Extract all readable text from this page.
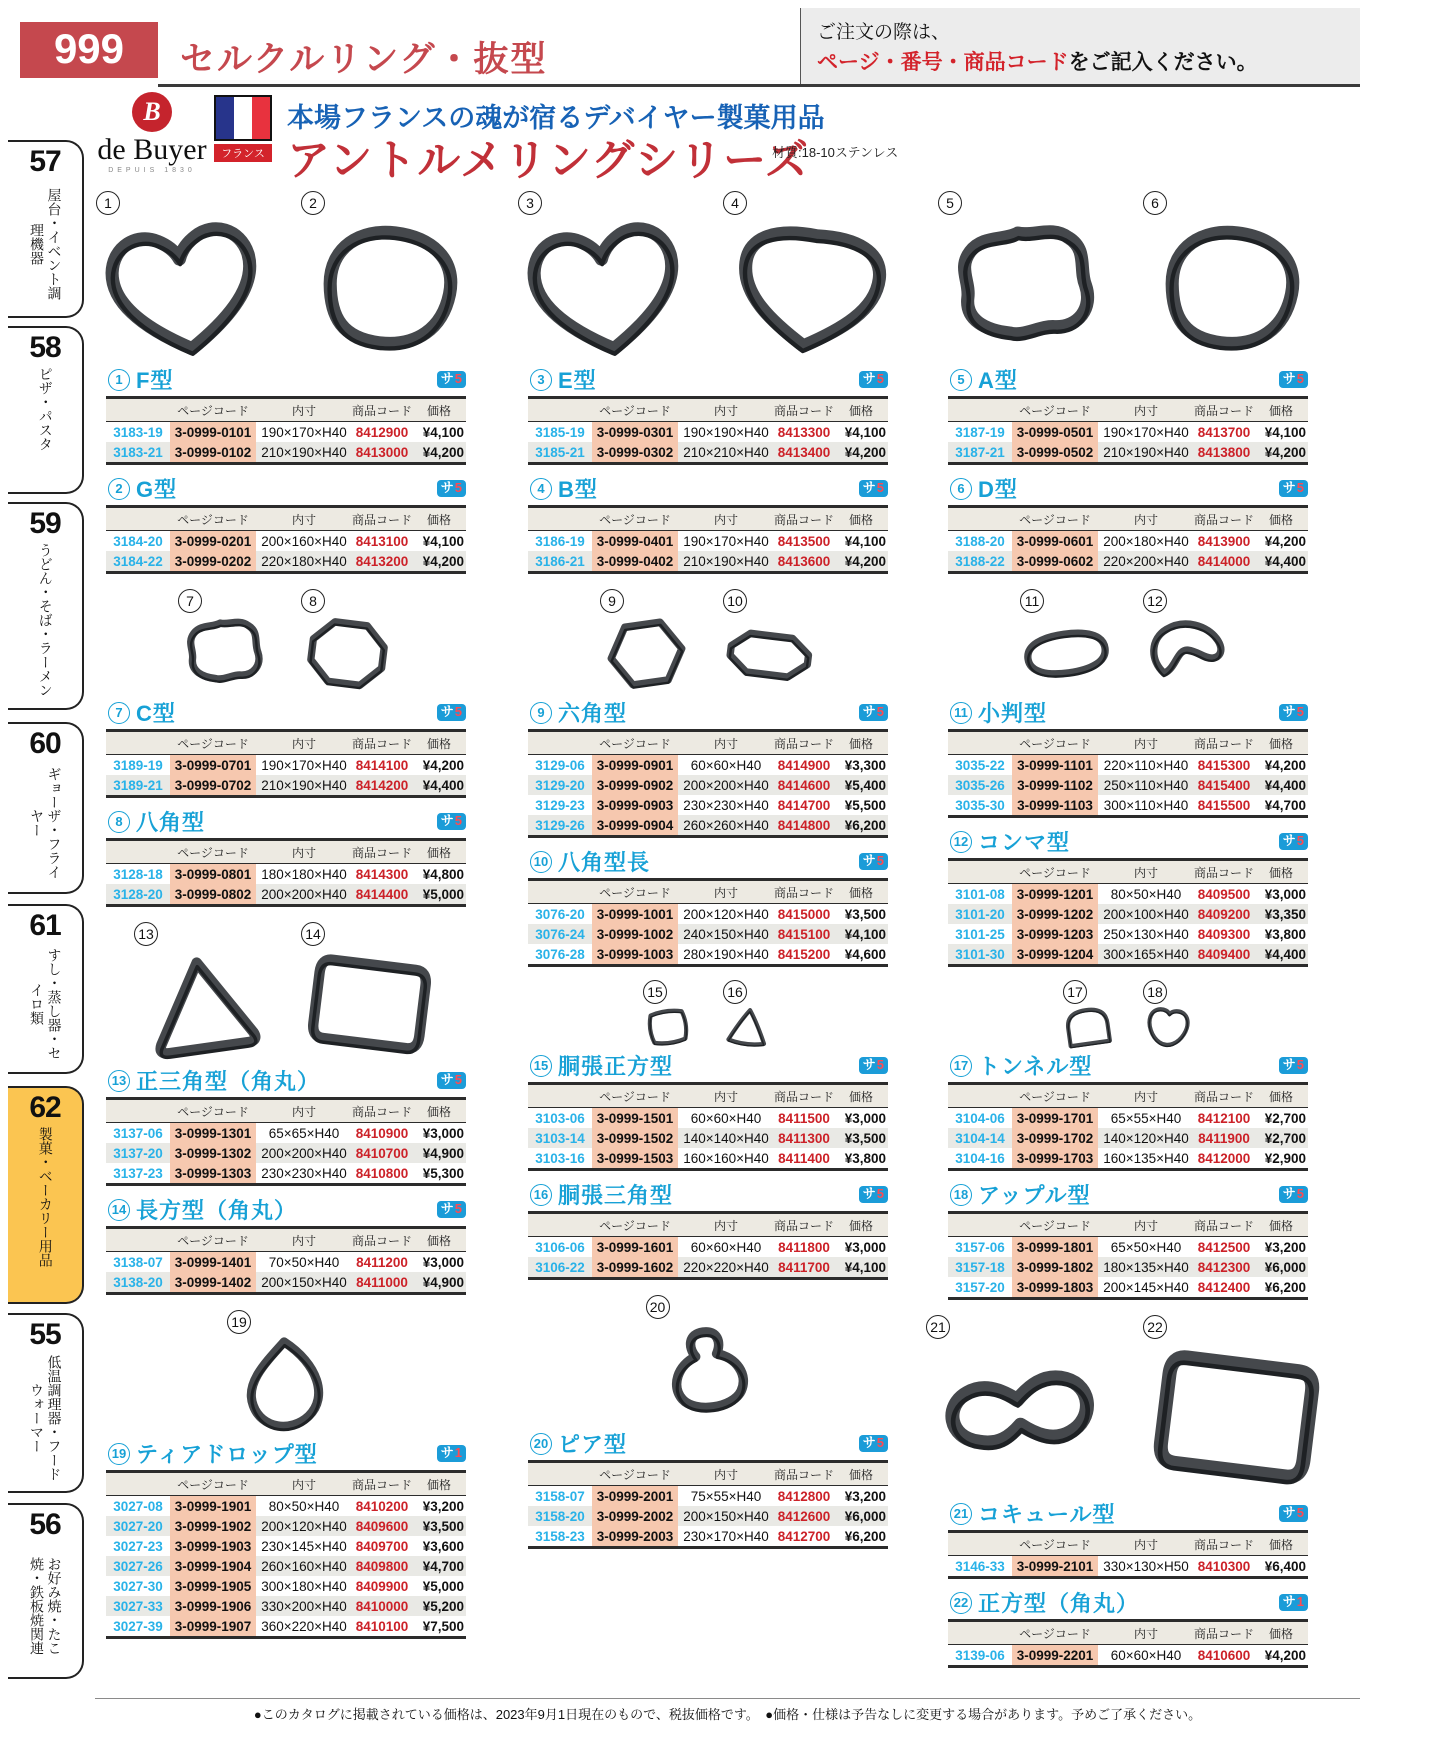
999	セルクルリング・抜型
ご注文の際は、
ページ・番号・商品コードをご記入ください。
B
de Buyer
DEPUIS 1830
フランス
本場フランスの魂が宿るデバイヤー製菓用品
アントルメリングシリーズ
材質:18-10ステンレス
57
屋台・イベント調理機器
58
ピザ・パスタ
59
うどん・そば・ラーメン
60
ギョーザ・フライヤー
61
すし・蒸し器・セイロ類
62
製菓・ベーカリー用品
55
低温調理器・フードウォーマー
56
お好み焼・たこ焼・鉄板焼関連
1	2
1 F型	サ5
	ページコード	内寸	商品コード	価格
3183-19	3-0999-0101	190×170×H40	8412900	¥4,100
3183-21	3-0999-0102	210×190×H40	8413000	¥4,200
2 G型	サ5
	ページコード	内寸	商品コード	価格
3184-20	3-0999-0201	200×160×H40	8413100	¥4,100
3184-22	3-0999-0202	220×180×H40	8413200	¥4,200
7	8
7 C型	サ5
	ページコード	内寸	商品コード	価格
3189-19	3-0999-0701	190×170×H40	8414100	¥4,200
3189-21	3-0999-0702	210×190×H40	8414200	¥4,400
8 八角型	サ5
	ページコード	内寸	商品コード	価格
3128-18	3-0999-0801	180×180×H40	8414300	¥4,800
3128-20	3-0999-0802	200×200×H40	8414400	¥5,000
13	14
13 正三角型（角丸）	サ5
	ページコード	内寸	商品コード	価格
3137-06	3-0999-1301	65×65×H40	8410900	¥3,000
3137-20	3-0999-1302	200×200×H40	8410700	¥4,900
3137-23	3-0999-1303	230×230×H40	8410800	¥5,300
14 長方型（角丸）	サ5
	ページコード	内寸	商品コード	価格
3138-07	3-0999-1401	70×50×H40	8411200	¥3,000
3138-20	3-0999-1402	200×150×H40	8411000	¥4,900
19
19 ティアドロップ型	サ1
	ページコード	内寸	商品コード	価格
3027-08	3-0999-1901	80×50×H40	8410200	¥3,200
3027-20	3-0999-1902	200×120×H40	8409600	¥3,500
3027-23	3-0999-1903	230×145×H40	8409700	¥3,600
3027-26	3-0999-1904	260×160×H40	8409800	¥4,700
3027-30	3-0999-1905	300×180×H40	8409900	¥5,000
3027-33	3-0999-1906	330×200×H40	8410000	¥5,200
3027-39	3-0999-1907	360×220×H40	8410100	¥7,500
3	4
3 E型	サ5
	ページコード	内寸	商品コード	価格
3185-19	3-0999-0301	190×190×H40	8413300	¥4,100
3185-21	3-0999-0302	210×210×H40	8413400	¥4,200
4 B型	サ5
	ページコード	内寸	商品コード	価格
3186-19	3-0999-0401	190×170×H40	8413500	¥4,100
3186-21	3-0999-0402	210×190×H40	8413600	¥4,200
9	10
9 六角型	サ5
	ページコード	内寸	商品コード	価格
3129-06	3-0999-0901	60×60×H40	8414900	¥3,300
3129-20	3-0999-0902	200×200×H40	8414600	¥5,400
3129-23	3-0999-0903	230×230×H40	8414700	¥5,500
3129-26	3-0999-0904	260×260×H40	8414800	¥6,200
10 八角型長	サ5
	ページコード	内寸	商品コード	価格
3076-20	3-0999-1001	200×120×H40	8415000	¥3,500
3076-24	3-0999-1002	240×150×H40	8415100	¥4,100
3076-28	3-0999-1003	280×190×H40	8415200	¥4,600
15	16
15 胴張正方型	サ5
	ページコード	内寸	商品コード	価格
3103-06	3-0999-1501	60×60×H40	8411500	¥3,000
3103-14	3-0999-1502	140×140×H40	8411300	¥3,500
3103-16	3-0999-1503	160×160×H40	8411400	¥3,800
16 胴張三角型	サ5
	ページコード	内寸	商品コード	価格
3106-06	3-0999-1601	60×60×H40	8411800	¥3,000
3106-22	3-0999-1602	220×220×H40	8411700	¥4,100
20
20 ピア型	サ5
	ページコード	内寸	商品コード	価格
3158-07	3-0999-2001	75×55×H40	8412800	¥3,200
3158-20	3-0999-2002	200×150×H40	8412600	¥6,000
3158-23	3-0999-2003	230×170×H40	8412700	¥6,200
5	6
5 A型	サ5
	ページコード	内寸	商品コード	価格
3187-19	3-0999-0501	190×170×H40	8413700	¥4,100
3187-21	3-0999-0502	210×190×H40	8413800	¥4,200
6 D型	サ5
	ページコード	内寸	商品コード	価格
3188-20	3-0999-0601	200×180×H40	8413900	¥4,200
3188-22	3-0999-0602	220×200×H40	8414000	¥4,400
11	12
11 小判型	サ5
	ページコード	内寸	商品コード	価格
3035-22	3-0999-1101	220×110×H40	8415300	¥4,200
3035-26	3-0999-1102	250×110×H40	8415400	¥4,400
3035-30	3-0999-1103	300×110×H40	8415500	¥4,700
12 コンマ型	サ5
	ページコード	内寸	商品コード	価格
3101-08	3-0999-1201	80×50×H40	8409500	¥3,000
3101-20	3-0999-1202	200×100×H40	8409200	¥3,350
3101-25	3-0999-1203	250×130×H40	8409300	¥3,800
3101-30	3-0999-1204	300×165×H40	8409400	¥4,400
17	18
17 トンネル型	サ5
	ページコード	内寸	商品コード	価格
3104-06	3-0999-1701	65×55×H40	8412100	¥2,700
3104-14	3-0999-1702	140×120×H40	8411900	¥2,700
3104-16	3-0999-1703	160×135×H40	8412000	¥2,900
18 アップル型	サ5
	ページコード	内寸	商品コード	価格
3157-06	3-0999-1801	65×50×H40	8412500	¥3,200
3157-18	3-0999-1802	180×135×H40	8412300	¥6,000
3157-20	3-0999-1803	200×145×H40	8412400	¥6,200
21	22
21 コキュール型	サ5
	ページコード	内寸	商品コード	価格
3146-33	3-0999-2101	330×130×H50	8410300	¥6,400
22 正方型（角丸）	サ1
	ページコード	内寸	商品コード	価格
3139-06	3-0999-2201	60×60×H40	8410600	¥4,200
●このカタログに掲載されている価格は、2023年9月1日現在のもので、税抜価格です。　●価格・仕様は予告なしに変更する場合があります。予めご了承ください。
